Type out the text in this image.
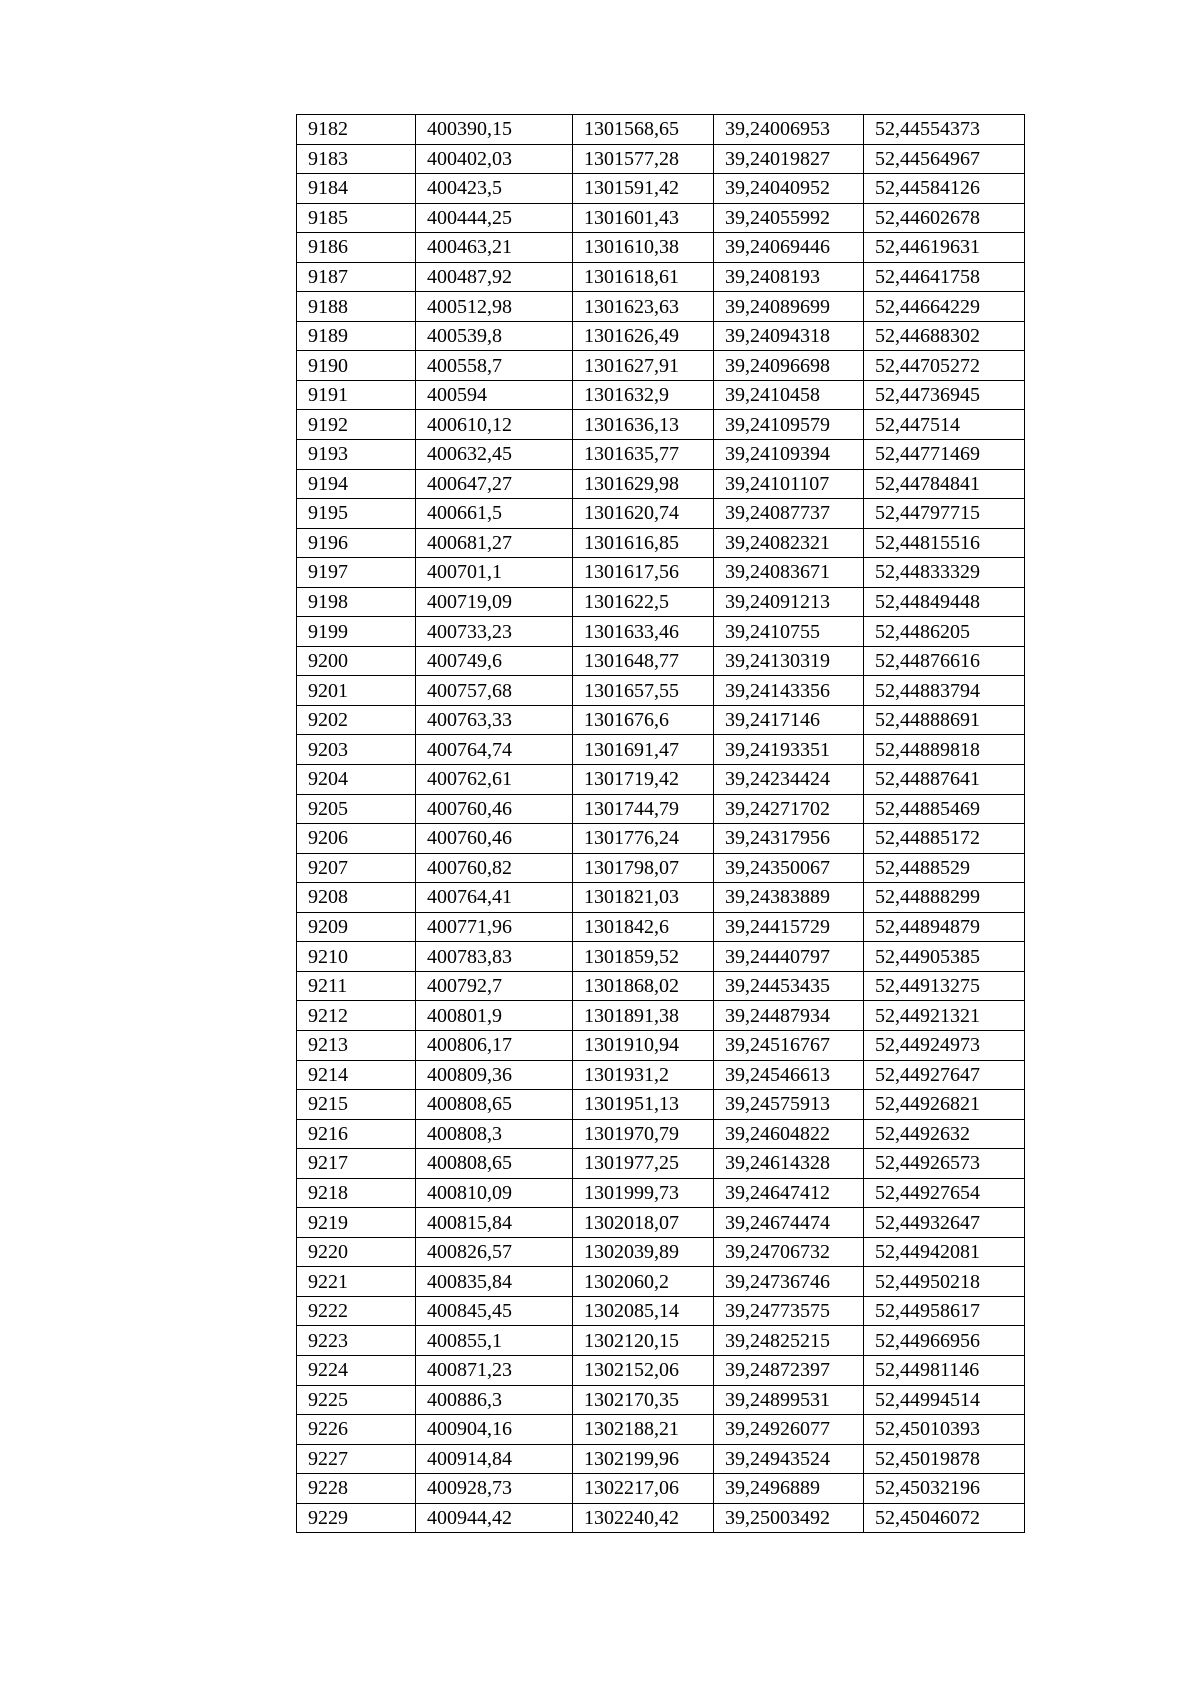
9182	400390,15	1301568,65	39,24006953	52,44554373
9183	400402,03	1301577,28	39,24019827	52,44564967
9184	400423,5	1301591,42	39,24040952	52,44584126
9185	400444,25	1301601,43	39,24055992	52,44602678
9186	400463,21	1301610,38	39,24069446	52,44619631
9187	400487,92	1301618,61	39,2408193	52,44641758
9188	400512,98	1301623,63	39,24089699	52,44664229
9189	400539,8	1301626,49	39,24094318	52,44688302
9190	400558,7	1301627,91	39,24096698	52,44705272
9191	400594	1301632,9	39,2410458	52,44736945
9192	400610,12	1301636,13	39,24109579	52,447514
9193	400632,45	1301635,77	39,24109394	52,44771469
9194	400647,27	1301629,98	39,24101107	52,44784841
9195	400661,5	1301620,74	39,24087737	52,44797715
9196	400681,27	1301616,85	39,24082321	52,44815516
9197	400701,1	1301617,56	39,24083671	52,44833329
9198	400719,09	1301622,5	39,24091213	52,44849448
9199	400733,23	1301633,46	39,2410755	52,4486205
9200	400749,6	1301648,77	39,24130319	52,44876616
9201	400757,68	1301657,55	39,24143356	52,44883794
9202	400763,33	1301676,6	39,2417146	52,44888691
9203	400764,74	1301691,47	39,24193351	52,44889818
9204	400762,61	1301719,42	39,24234424	52,44887641
9205	400760,46	1301744,79	39,24271702	52,44885469
9206	400760,46	1301776,24	39,24317956	52,44885172
9207	400760,82	1301798,07	39,24350067	52,4488529
9208	400764,41	1301821,03	39,24383889	52,44888299
9209	400771,96	1301842,6	39,24415729	52,44894879
9210	400783,83	1301859,52	39,24440797	52,44905385
9211	400792,7	1301868,02	39,24453435	52,44913275
9212	400801,9	1301891,38	39,24487934	52,44921321
9213	400806,17	1301910,94	39,24516767	52,44924973
9214	400809,36	1301931,2	39,24546613	52,44927647
9215	400808,65	1301951,13	39,24575913	52,44926821
9216	400808,3	1301970,79	39,24604822	52,4492632
9217	400808,65	1301977,25	39,24614328	52,44926573
9218	400810,09	1301999,73	39,24647412	52,44927654
9219	400815,84	1302018,07	39,24674474	52,44932647
9220	400826,57	1302039,89	39,24706732	52,44942081
9221	400835,84	1302060,2	39,24736746	52,44950218
9222	400845,45	1302085,14	39,24773575	52,44958617
9223	400855,1	1302120,15	39,24825215	52,44966956
9224	400871,23	1302152,06	39,24872397	52,44981146
9225	400886,3	1302170,35	39,24899531	52,44994514
9226	400904,16	1302188,21	39,24926077	52,45010393
9227	400914,84	1302199,96	39,24943524	52,45019878
9228	400928,73	1302217,06	39,2496889	52,45032196
9229	400944,42	1302240,42	39,25003492	52,45046072
